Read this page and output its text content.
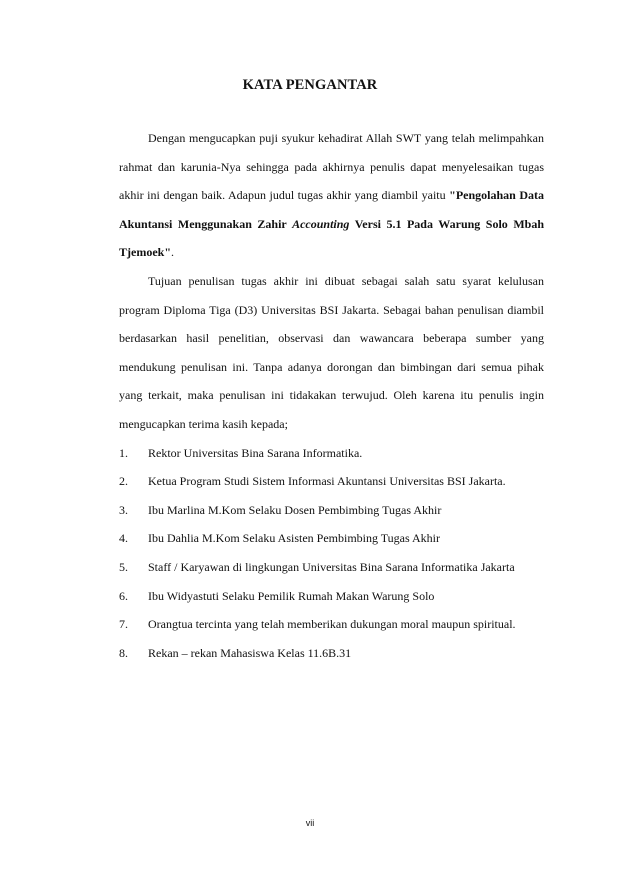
KATA PENGANTAR

Dengan mengucapkan puji syukur kehadirat Allah SWT yang telah melimpahkan rahmat dan karunia-Nya sehingga pada akhirnya penulis dapat menyelesaikan tugas akhir ini dengan baik. Adapun judul tugas akhir yang diambil yaitu "Pengolahan Data Akuntansi Menggunakan Zahir Accounting Versi 5.1 Pada Warung Solo Mbah Tjemoek".

Tujuan penulisan tugas akhir ini dibuat sebagai salah satu syarat kelulusan program Diploma Tiga (D3) Universitas BSI Jakarta. Sebagai bahan penulisan diambil berdasarkan hasil penelitian, observasi dan wawancara beberapa sumber yang mendukung penulisan ini. Tanpa adanya dorongan dan bimbingan dari semua pihak yang terkait, maka penulisan ini tidakakan terwujud. Oleh karena itu penulis ingin mengucapkan terima kasih kepada;

1.	Rektor Universitas Bina Sarana Informatika.
2.	Ketua Program Studi Sistem Informasi Akuntansi Universitas BSI Jakarta.
3.	Ibu Marlina M.Kom Selaku Dosen Pembimbing Tugas Akhir
4.	Ibu Dahlia M.Kom Selaku Asisten Pembimbing Tugas Akhir
5.	Staff / Karyawan di lingkungan Universitas Bina Sarana Informatika Jakarta
6.	Ibu Widyastuti Selaku Pemilik Rumah Makan Warung Solo
7.	Orangtua tercinta yang telah memberikan dukungan moral maupun spiritual.
8.	Rekan – rekan Mahasiswa Kelas 11.6B.31
vii
